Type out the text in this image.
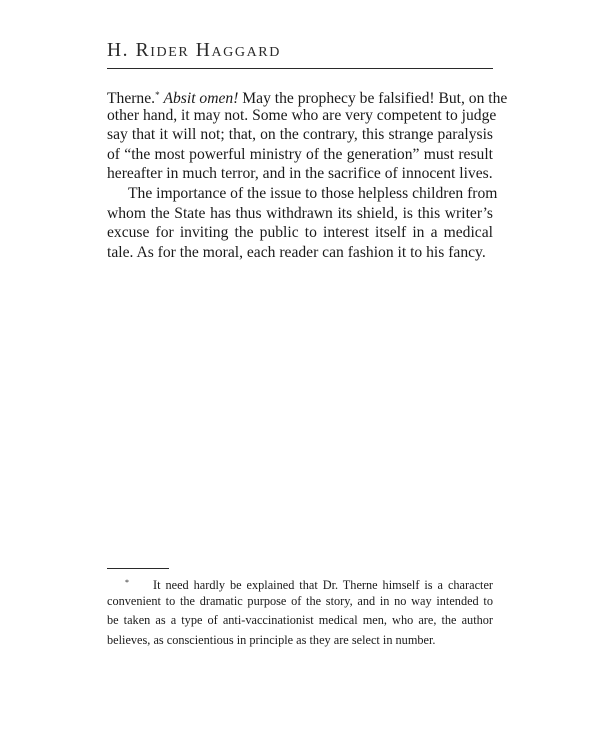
H. Rider Haggard
Therne.* Absit omen! May the prophecy be falsified! But, on the
other hand, it may not. Some who are very competent to judge
say that it will not; that, on the contrary, this strange paralysis
of “the most powerful ministry of the generation” must result
hereafter in much terror, and in the sacrifice of innocent lives.
The importance of the issue to those helpless children from
whom the State has thus withdrawn its shield, is this writer’s
excuse for inviting the public to interest itself in a medical
tale. As for the moral, each reader can fashion it to his fancy.
* It need hardly be explained that Dr. Therne himself is a character
convenient to the dramatic purpose of the story, and in no way intended to
be taken as a type of anti-vaccinationist medical men, who are, the author
believes, as conscientious in principle as they are select in number.
